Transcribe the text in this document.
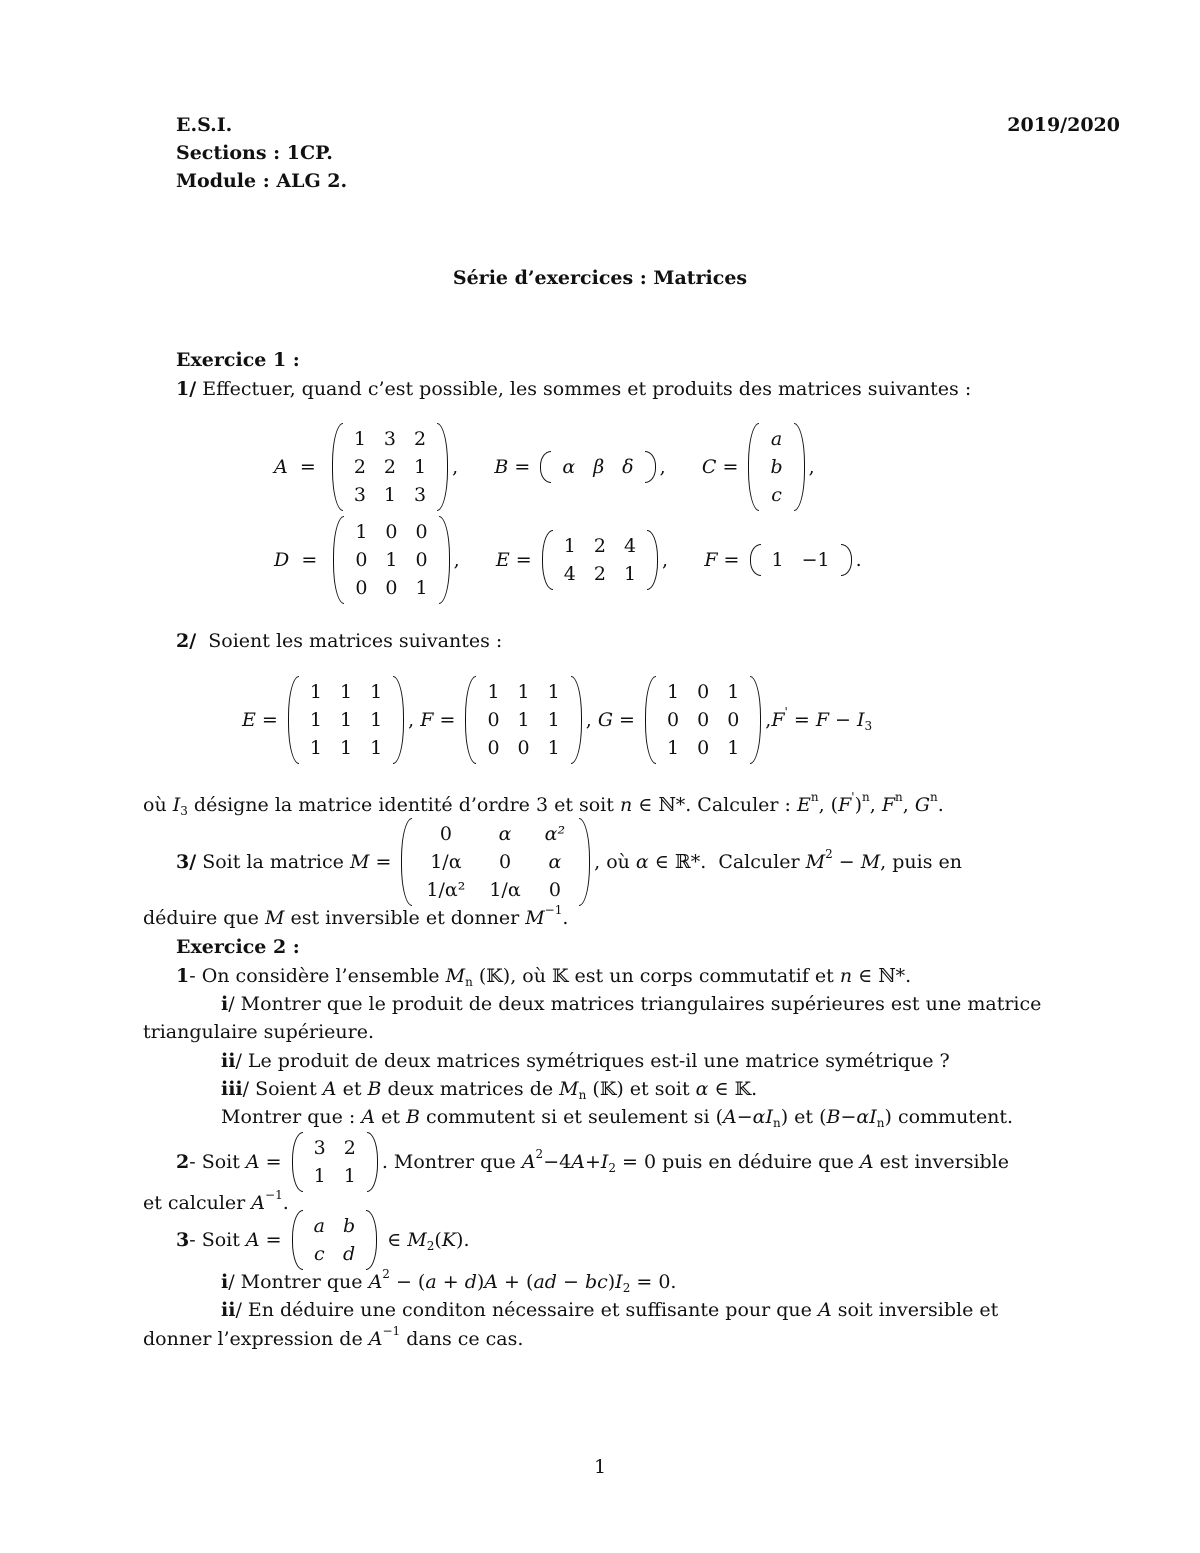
E.S.I.	2019/2020
Sections : 1CP.
Module : ALG 2.
Série d’exercices : Matrices
Exercice 1 :
1/ Effectuer, quand c’est possible, les sommes et produits des matrices suivantes :
A =
1	3	2
2	2	1
3	1	3
, B = α	β	δ , C =
a
b
c
,
D =
1	0	0
0	1	0
0	0	1
, E =
1	2	4
4	2	1
, F = 1	−1 .
2/ Soient les matrices suivantes :
E =
1	1	1
1	1	1
1	1	1
, F =
1	1	1
0	1	1
0	0	1
, G =
1	0	1
0	0	0
1	0	1
, F ' = F − I 3
où I 3 désigne la matrice identité d’ordre 3 et soit n ∈ ℕ*. Calculer : E n , ( F ' ) n , F n , G n .
3/ Soit la matrice M =
0	α	α²
1/α	0	α
1/α²	1/α	0
, où α ∈ ℝ*.  Calculer M 2 − M , puis en
déduire que M est inversible et donner M −1 .
Exercice 2 :
1 - On considère l’ensemble M n (𝕂), où 𝕂 est un corps commutatif et n ∈ ℕ*.
i / Montrer que le produit de deux matrices triangulaires supérieures est une matrice
triangulaire supérieure.
ii / Le produit de deux matrices symétriques est-il une matrice symétrique ?
iii / Soient A et B deux matrices de M n (𝕂) et soit α ∈ 𝕂.
Montrer que : A et B commutent si et seulement si ( A − αI n ) et ( B − αI n ) commutent.
2 - Soit A =
3	2
1	1
. Montrer que A 2 −4 A + I 2 = 0 puis en déduire que A est inversible
et calculer A −1 .
3 - Soit A =
a	b
c	d
∈ M 2 ( K ).
i / Montrer que A 2 − ( a + d ) A + ( ad − bc ) I 2 = 0.
ii / En déduire une conditon nécessaire et suffisante pour que A soit inversible et
donner l’expression de A −1 dans ce cas.
1
